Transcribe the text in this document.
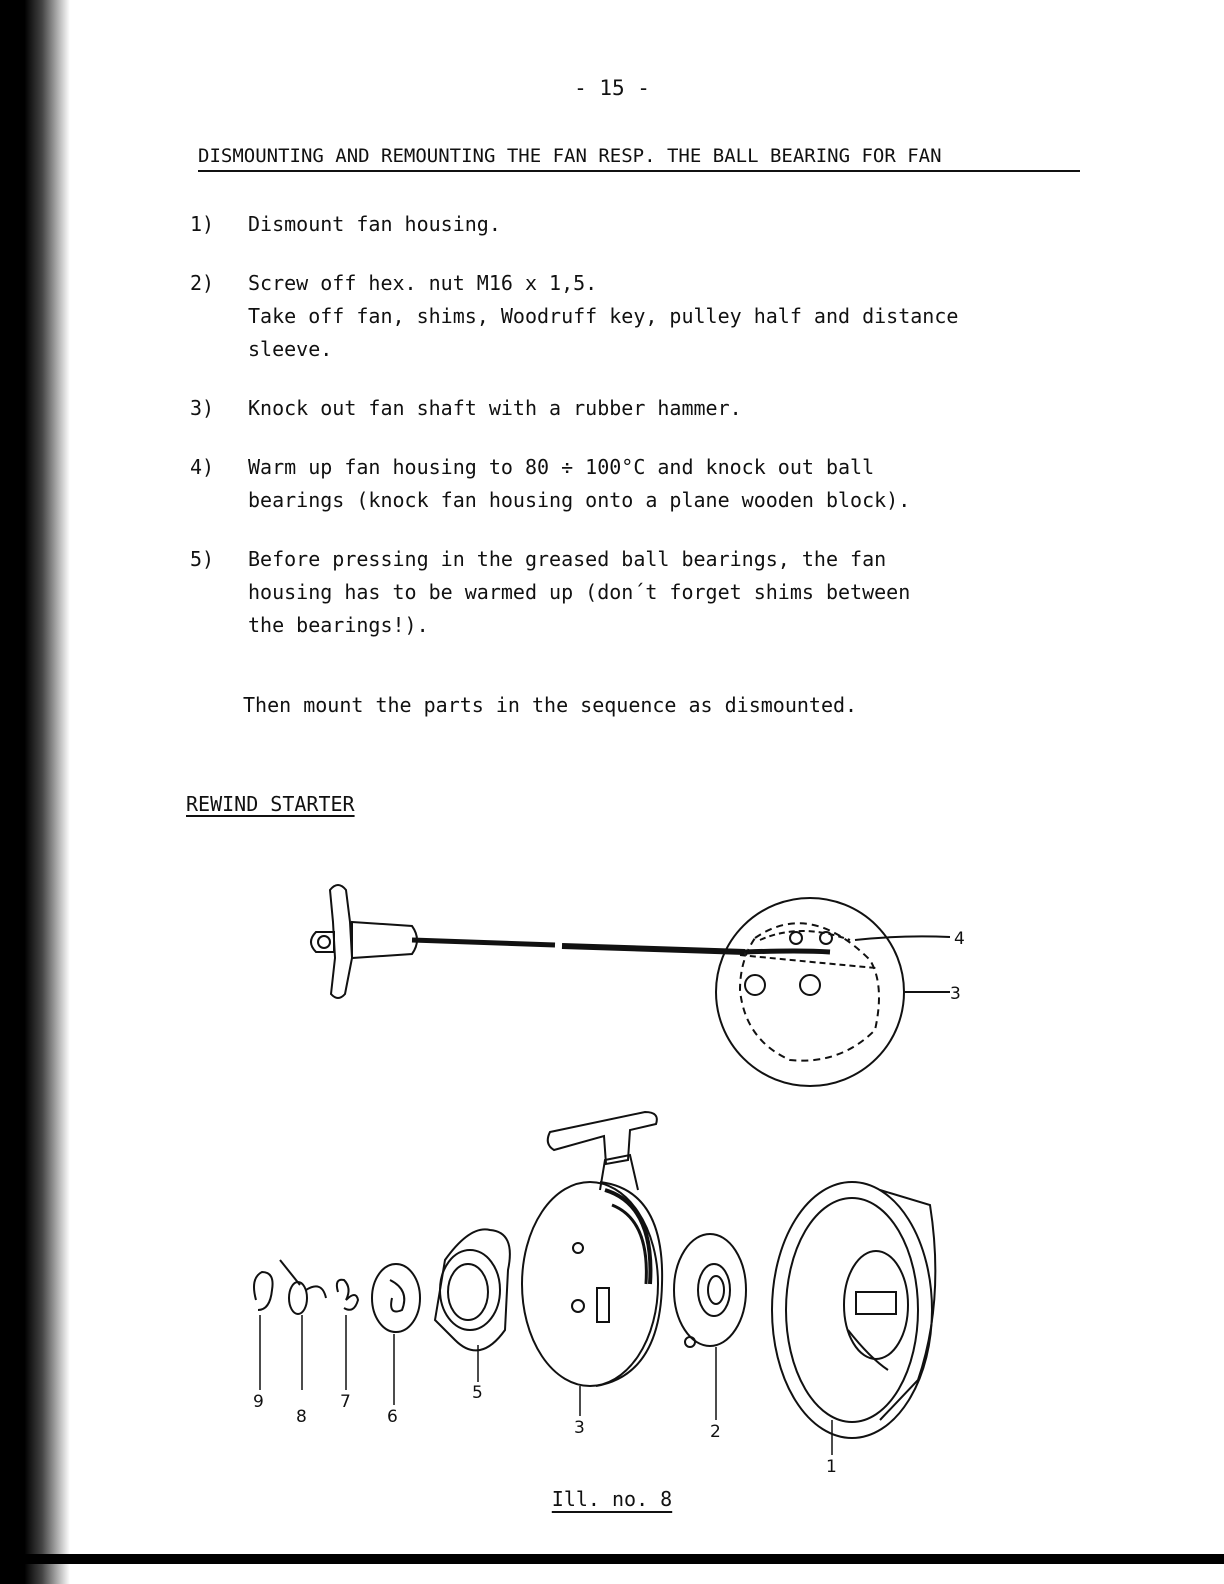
- 15 -
DISMOUNTING AND REMOUNTING THE FAN RESP. THE BALL BEARING FOR FAN
1)	Dismount fan housing.

2)	Screw off hex. nut M16 x 1,5.

Take off fan, shims, Woodruff key, pulley half and distance

sleeve.

3)	Knock out fan shaft with a rubber hammer.

4)	Warm up fan housing to 80 ÷ 100°C and knock out ball

bearings (knock fan housing onto a plane wooden block).

5)	Before pressing in the greased ball bearings, the fan

housing has to be warmed up (don´t forget shims between

the bearings!).

Then mount the parts in the sequence as dismounted.
REWIND STARTER
4
3
9
8
7
6
5
3	2
1
Ill. no. 8
